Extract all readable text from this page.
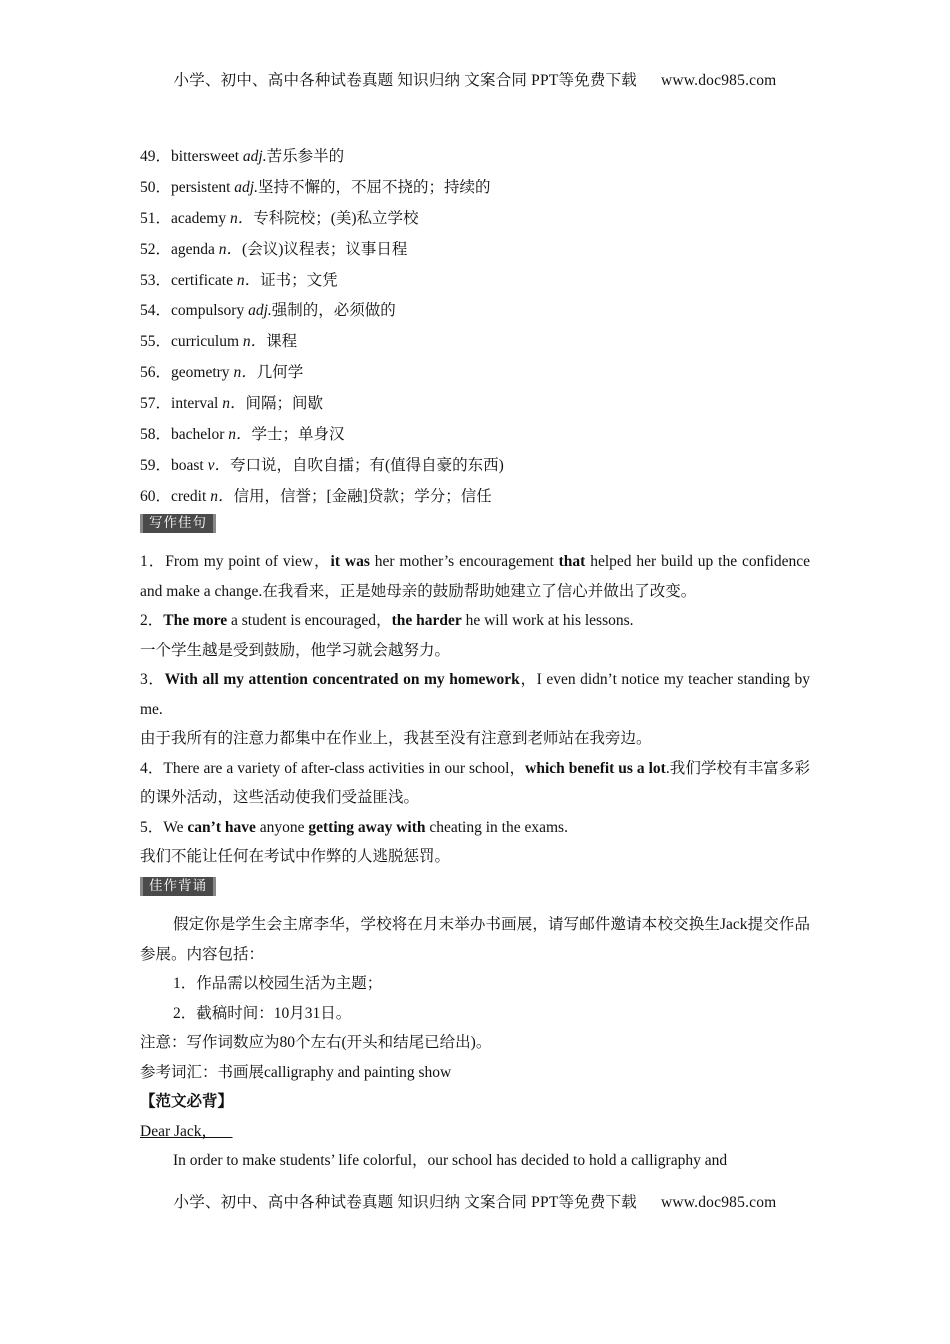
小学、初中、高中各种试卷真题 知识归纳 文案合同 PPT等免费下载 www.doc985.com
49．bittersweet adj.苦乐参半的
50．persistent adj.坚持不懈的，不屈不挠的；持续的
51．academy n．专科院校；(美)私立学校
52．agenda n．(会议)议程表；议事日程
53．certificate n．证书；文凭
54．compulsory adj.强制的，必须做的
55．curriculum n．课程
56．geometry n．几何学
57．interval n．间隔；间歇
58．bachelor n．学士；单身汉
59．boast v．夸口说，自吹自擂；有(值得自豪的东西)
60．credit n．信用，信誉；[金融]贷款；学分；信任
写作佳句

1．From my point of view，it was her mother’s encouragement that helped her build up the confidence and make a change.在我看来，正是她母亲的鼓励帮助她建立了信心并做出了改变。

2．The more a student is encouraged，the harder he will work at his lessons.

一个学生越是受到鼓励，他学习就会越努力。

3．With all my attention concentrated on my homework，I even didn’t notice my teacher standing by me.

由于我所有的注意力都集中在作业上，我甚至没有注意到老师站在我旁边。

4．There are a variety of after-class activities in our school，which benefit us a lot.我们学校有丰富多彩的课外活动，这些活动使我们受益匪浅。

5．We can’t have anyone getting away with cheating in the exams.

我们不能让任何在考试中作弊的人逃脱惩罚。

佳作背诵

假定你是学生会主席李华，学校将在月末举办书画展，请写邮件邀请本校交换生Jack提交作品参展。内容包括：

1．作品需以校园生活为主题；

2．截稿时间：10月31日。

注意：写作词数应为80个左右(开头和结尾已给出)。

参考词汇：书画展calligraphy and painting show

【范文必背】

Dear Jack，

In order to make students’ life colorful，our school has decided to hold a calligraphy and

小学、初中、高中各种试卷真题 知识归纳 文案合同 PPT等免费下载 www.doc985.com
